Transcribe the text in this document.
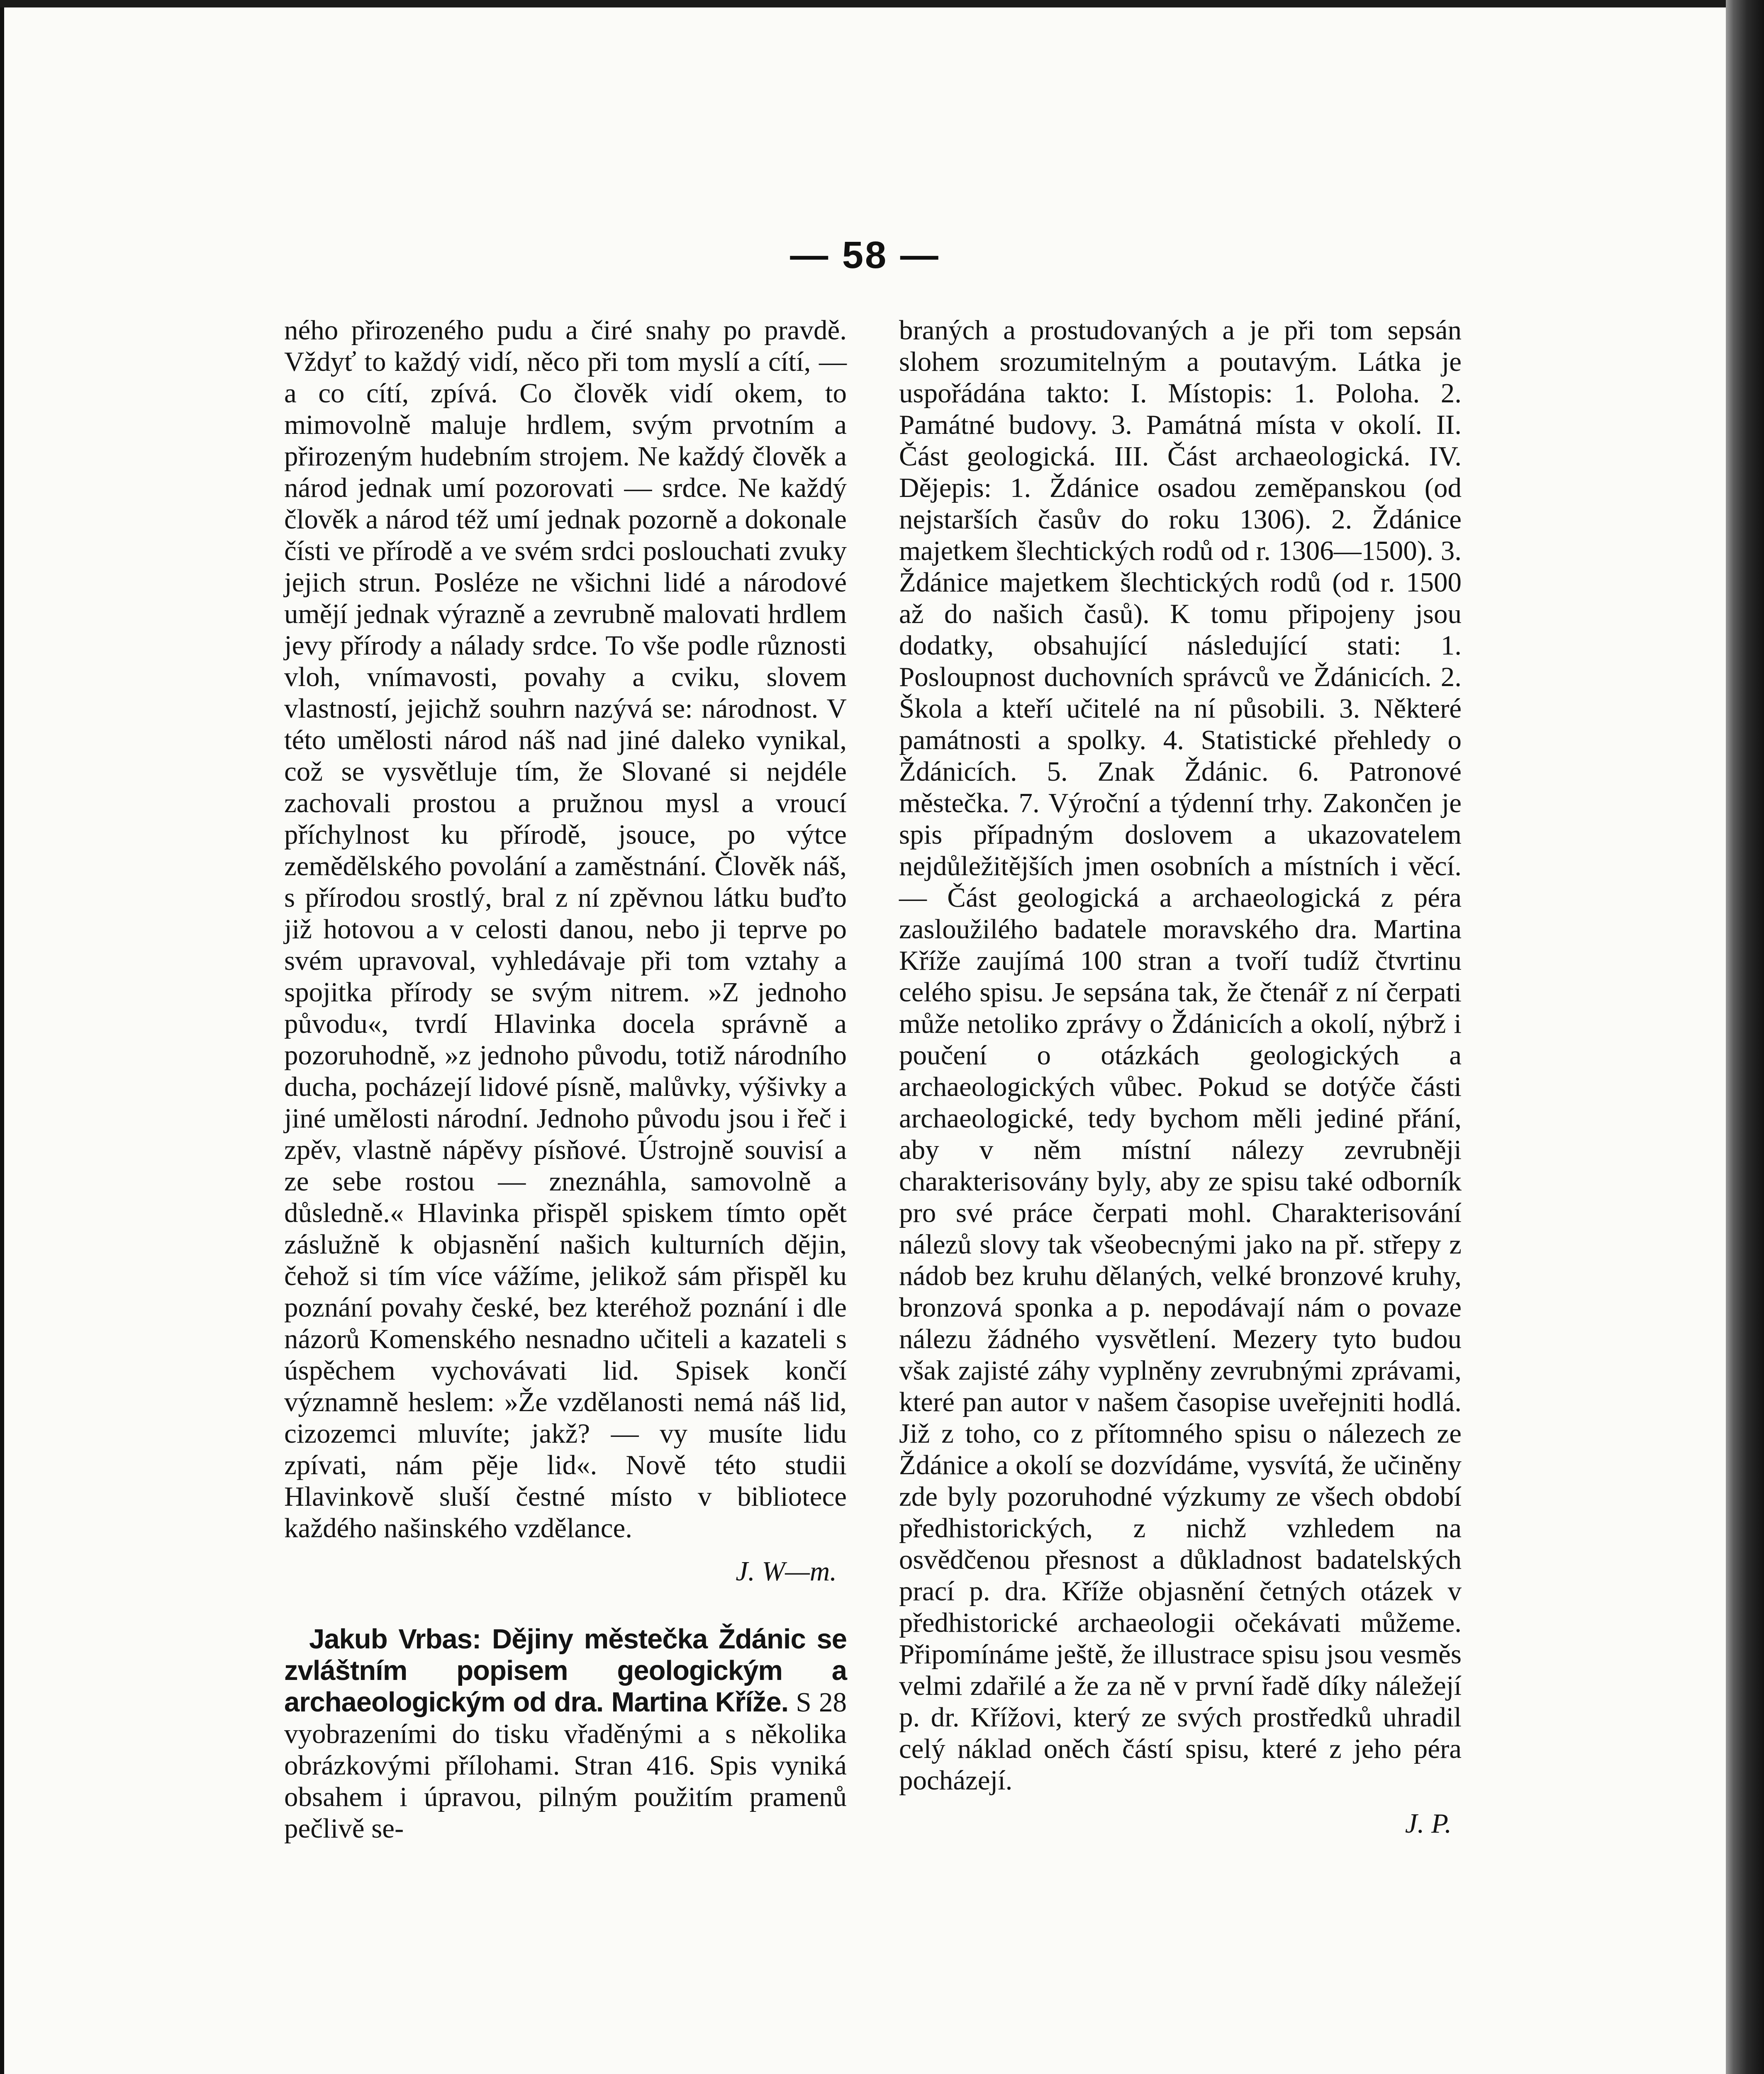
— 58 —

ného přirozeného pudu a čiré snahy po pravdě. Vždyť to každý vidí, něco při tom myslí a cítí, — a co cítí, zpívá. Co člověk vidí okem, to mimovolně maluje hrdlem, svým prvotním a přirozeným hudebním strojem. Ne každý člověk a národ jednak umí pozorovati — srdce. Ne každý člověk a národ též umí jednak pozorně a dokonale čísti ve přírodě a ve svém srdci poslouchati zvuky jejich strun. Posléze ne všichni lidé a národové umějí jednak výrazně a zevrubně malovati hrdlem jevy přírody a nálady srdce. To vše podle různosti vloh, vnímavosti, povahy a cviku, slovem vlastností, jejichž souhrn nazývá se: národnost. V této umělosti národ náš nad jiné daleko vynikal, což se vysvětluje tím, že Slované si nejdéle zachovali prostou a pružnou mysl a vroucí příchylnost ku přírodě, jsouce, po výtce zemědělského povolání a zaměstnání. Člověk náš, s přírodou srostlý, bral z ní zpěvnou látku buďto již hotovou a v celosti danou, nebo ji teprve po svém upravoval, vyhledávaje při tom vztahy a spojitka přírody se svým nitrem. »Z jednoho původu«, tvrdí Hlavinka docela správně a pozoruhodně, »z jednoho původu, totiž národního ducha, pocházejí lidové písně, malůvky, výšivky a jiné umělosti národní. Jednoho původu jsou i řeč i zpěv, vlastně nápěvy písňové. Ústrojně souvisí a ze sebe rostou — zneznáhla, samovolně a důsledně.« Hlavinka přispěl spiskem tímto opět záslužně k objasnění našich kulturních dějin, čehož si tím více vážíme, jelikož sám přispěl ku poznání povahy české, bez kteréhož poznání i dle názorů Komenského nesnadno učiteli a kazateli s úspěchem vychovávati lid. Spisek končí významně heslem: »Že vzdělanosti nemá náš lid, cizozemci mluvíte; jakž? — vy musíte lidu zpívati, nám pěje lid«. Nově této studii Hlavinkově sluší čestné místo v bibliotece každého našinského vzdělance.

J. W—m.

Jakub Vrbas: Dějiny městečka Ždánic se zvláštním popisem geologickým a archaeologickým od dra. Martina Kříže. S 28 vyobrazeními do tisku vřaděnými a s několika obrázkovými přílohami. Stran 416. Spis vyniká obsahem i úpravou, pilným použitím pramenů pečlivě se-

braných a prostudovaných a je při tom sepsán slohem srozumitelným a poutavým. Látka je uspořádána takto: I. Místopis: 1. Poloha. 2. Památné budovy. 3. Památná místa v okolí. II. Část geologická. III. Část archaeologická. IV. Dějepis: 1. Ždánice osadou zeměpanskou (od nejstarších časův do roku 1306). 2. Ždánice majetkem šlechtických rodů od r. 1306—1500). 3. Ždánice majetkem šlechtických rodů (od r. 1500 až do našich časů). K tomu připojeny jsou dodatky, obsahující následující stati: 1. Posloupnost duchovních správců ve Ždánicích. 2. Škola a kteří učitelé na ní působili. 3. Některé památnosti a spolky. 4. Statistické přehledy o Ždánicích. 5. Znak Ždánic. 6. Patronové městečka. 7. Výroční a týdenní trhy. Zakončen je spis případným doslovem a ukazovatelem nejdůležitějších jmen osobních a místních i věcí. — Část geologická a archaeologická z péra zasloužilého badatele moravského dra. Martina Kříže zaujímá 100 stran a tvoří tudíž čtvrtinu celého spisu. Je sepsána tak, že čtenář z ní čerpati může netoliko zprávy o Ždánicích a okolí, nýbrž i poučení o otázkách geologických a archaeologických vůbec. Pokud se dotýče části archaeologické, tedy bychom měli jediné přání, aby v něm místní nálezy zevrubněji charakterisovány byly, aby ze spisu také odborník pro své práce čerpati mohl. Charakterisování nálezů slovy tak všeobecnými jako na př. střepy z nádob bez kruhu dělaných, velké bronzové kruhy, bronzová sponka a p. nepodávají nám o povaze nálezu žádného vysvětlení. Mezery tyto budou však zajisté záhy vyplněny zevrubnými zprávami, které pan autor v našem časopise uveřejniti hodlá. Již z toho, co z přítomného spisu o nálezech ze Ždánice a okolí se dozvídáme, vysvítá, že učiněny zde byly pozoruhodné výzkumy ze všech období předhistorických, z nichž vzhledem na osvědčenou přesnost a důkladnost badatelských prací p. dra. Kříže objasnění četných otázek v předhistorické archaeologii očekávati můžeme. Připomínáme ještě, že illustrace spisu jsou vesměs velmi zdařilé a že za ně v první řadě díky náležejí p. dr. Křížovi, který ze svých prostředků uhradil celý náklad oněch částí spisu, které z jeho péra pocházejí.

J. P.
